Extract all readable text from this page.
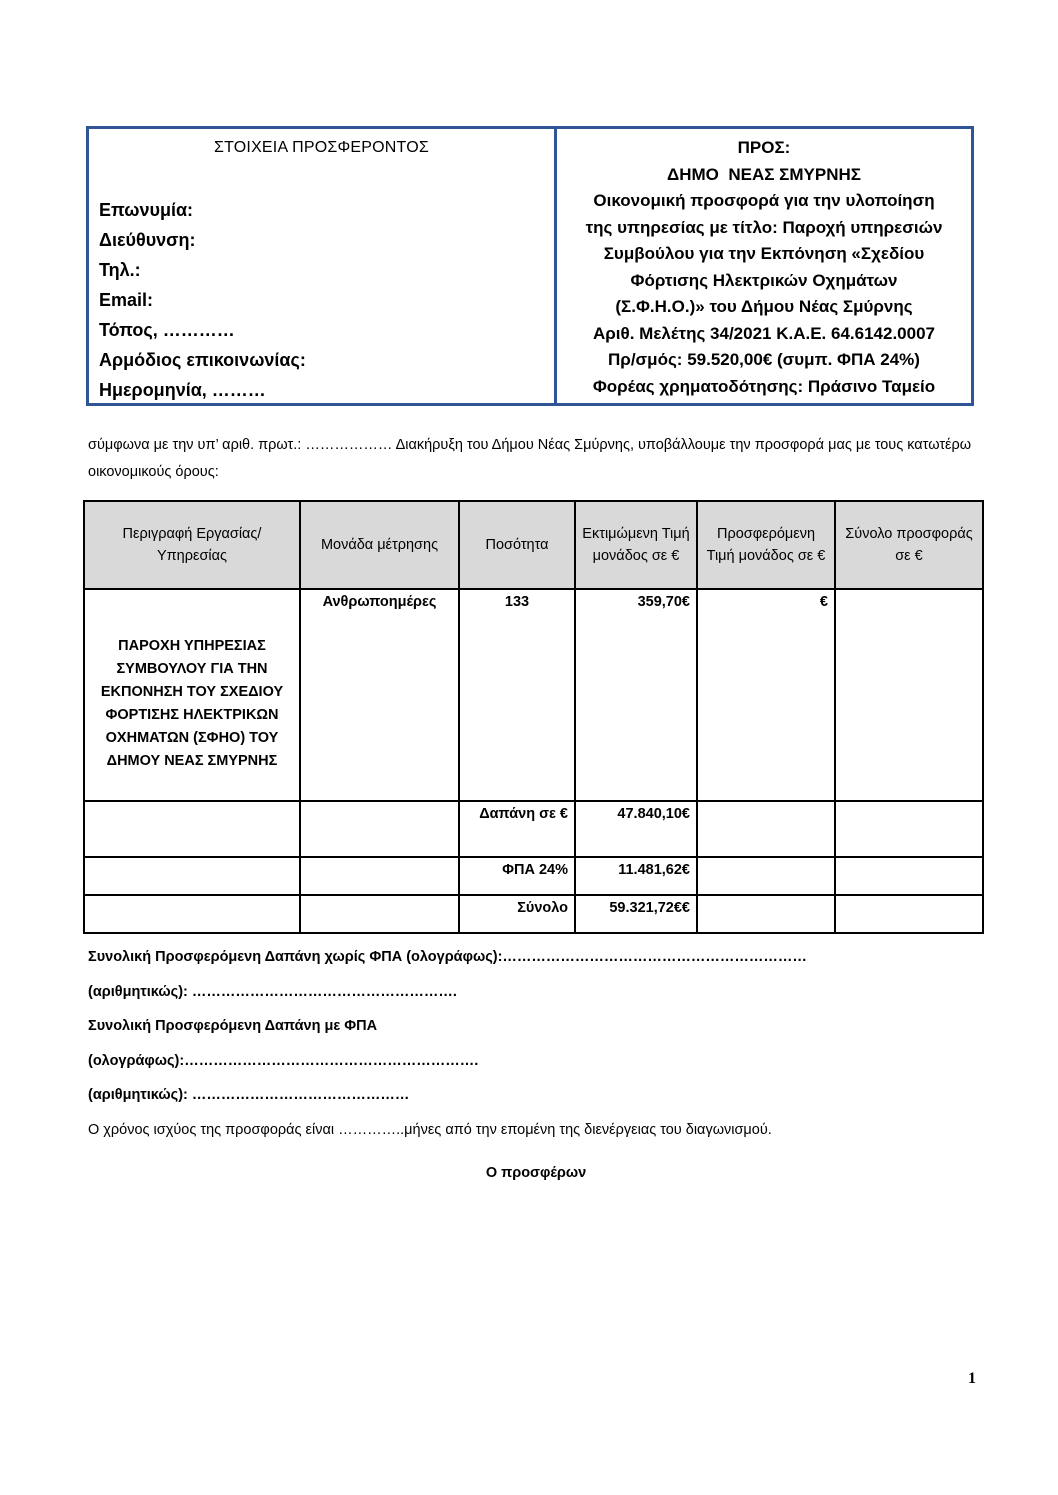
ΣΤΟΙΧΕΙΑ ΠΡΟΣΦΕΡΟΝΤΟΣ
Επωνυμία:
Διεύθυνση:
Τηλ.:
Email:
Τόπος, …………
Αρμόδιος επικοινωνίας:
Ημερομηνία, ………
ΠΡΟΣ:
ΔΗΜΟ  ΝΕΑΣ ΣΜΥΡΝΗΣ
Οικονομική προσφορά για την υλοποίηση
της υπηρεσίας με τίτλο: Παροχή υπηρεσιών
Συμβούλου για την Εκπόνηση «Σχεδίου
Φόρτισης Ηλεκτρικών Οχημάτων
(Σ.Φ.Η.Ο.)» του Δήμου Νέας Σμύρνης
Αριθ. Μελέτης 34/2021 Κ.Α.Ε. 64.6142.0007
Πρ/σμός: 59.520,00€ (συμπ. ΦΠΑ 24%)
Φορέας χρηματοδότησης: Πράσινο Ταμείο
σύμφωνα με την υπ’ αριθ. πρωτ.: ……………… Διακήρυξη του Δήμου Νέας Σμύρνης, υποβάλλουμε την προσφορά μας με τους κατωτέρω οικονομικούς όρους:
Περιγραφή Εργασίας/ Υπηρεσίας	Μονάδα μέτρησης	Ποσότητα	Εκτιμώμενη Τιμή μονάδος σε €	Προσφερόμενη Τιμή μονάδος σε €	Σύνολο προσφοράς σε €
ΠΑΡΟΧΗ ΥΠΗΡΕΣΙΑΣ ΣΥΜΒΟΥΛΟΥ ΓΙΑ ΤΗΝ ΕΚΠΟΝΗΣΗ ΤΟΥ ΣΧΕΔΙΟΥ ΦΟΡΤΙΣΗΣ ΗΛΕΚΤΡΙΚΩΝ ΟΧΗΜΑΤΩΝ (ΣΦΗΟ) ΤΟΥ ΔΗΜΟΥ ΝΕΑΣ ΣΜΥΡΝΗΣ	Ανθρωποημέρες	133	359,70€	€	
		Δαπάνη σε €	47.840,10€		
		ΦΠΑ 24%	11.481,62€		
		Σύνολο	59.321,72€€		
Συνολική Προσφερόμενη Δαπάνη χωρίς ΦΠΑ (ολογράφως):………………………………………………………
(αριθμητικώς): ……………………………………………….
Συνολική Προσφερόμενη Δαπάνη με ΦΠΑ
(ολογράφως):…………………………………………………….
(αριθμητικώς): ………………………………………
Ο χρόνος ισχύος της προσφοράς είναι …………..μήνες από την επομένη της διενέργειας του διαγωνισμού.
Ο προσφέρων
1
